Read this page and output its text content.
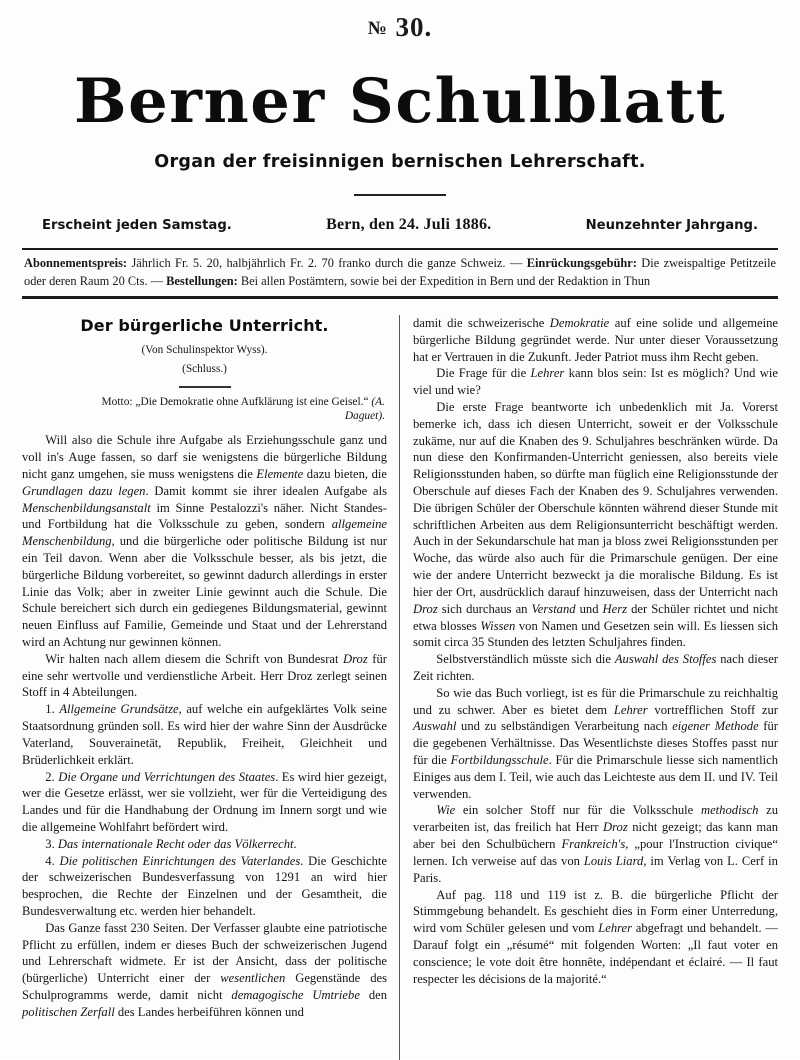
№ 30.
Berner Schulblatt
Organ der freisinnigen bernischen Lehrerschaft.
Erscheint jeden Samstag.	Bern, den 24. Juli 1886.	Neunzehnter Jahrgang.
Abonnementspreis: Jährlich Fr. 5. 20, halbjährlich Fr. 2. 70 franko durch die ganze Schweiz. — Einrückungsgebühr: Die zweispaltige Petitzeile oder deren Raum 20 Cts. — Bestellungen: Bei allen Postämtern, sowie bei der Expedition in Bern und der Redaktion in Thun
Der bürgerliche Unterricht.
(Von Schulinspektor Wyss).
(Schluss.)
Motto: „Die Demokratie ohne Aufklärung ist eine Geisel.“ (A. Daguet).

Will also die Schule ihre Aufgabe als Erziehungsschule ganz und voll in's Auge fassen, so darf sie wenigstens die bürgerliche Bildung nicht ganz umgehen, sie muss wenigstens die Elemente dazu bieten, die Grundlagen dazu legen. Damit kommt sie ihrer idealen Aufgabe als Menschenbildungsanstalt im Sinne Pestalozzi's näher. Nicht Standes- und Fortbildung hat die Volksschule zu geben, sondern allgemeine Menschenbildung, und die bürgerliche oder politische Bildung ist nur ein Teil davon. Wenn aber die Volksschule besser, als bis jetzt, die bürgerliche Bildung vorbereitet, so gewinnt dadurch allerdings in erster Linie das Volk; aber in zweiter Linie gewinnt auch die Schule. Die Schule bereichert sich durch ein gediegenes Bildungsmaterial, gewinnt neuen Einfluss auf Familie, Gemeinde und Staat und der Lehrerstand wird an Achtung nur gewinnen können.

Wir halten nach allem diesem die Schrift von Bundesrat Droz für eine sehr wertvolle und verdienstliche Arbeit. Herr Droz zerlegt seinen Stoff in 4 Abteilungen.

1. Allgemeine Grundsätze, auf welche ein aufgeklärtes Volk seine Staatsordnung gründen soll. Es wird hier der wahre Sinn der Ausdrücke Vaterland, Souverainetät, Republik, Freiheit, Gleichheit und Brüderlichkeit erklärt.

2. Die Organe und Verrichtungen des Staates. Es wird hier gezeigt, wer die Gesetze erlässt, wer sie vollzieht, wer für die Verteidigung des Landes und für die Handhabung der Ordnung im Innern sorgt und wie die allgemeine Wohlfahrt befördert wird.

3. Das internationale Recht oder das Völkerrecht.

4. Die politischen Einrichtungen des Vaterlandes. Die Geschichte der schweizerischen Bundesverfassung von 1291 an wird hier besprochen, die Rechte der Einzelnen und der Gesamtheit, die Bundesverwaltung etc. werden hier behandelt.

Das Ganze fasst 230 Seiten. Der Verfasser glaubte eine patriotische Pflicht zu erfüllen, indem er dieses Buch der schweizerischen Jugend und Lehrerschaft widmete. Er ist der Ansicht, dass der politische (bürgerliche) Unterricht einer der wesentlichen Gegenstände des Schulprogramms werde, damit nicht demagogische Umtriebe den politischen Zerfall des Landes herbeiführen können und

damit die schweizerische Demokratie auf eine solide und allgemeine bürgerliche Bildung gegründet werde. Nur unter dieser Voraussetzung hat er Vertrauen in die Zukunft. Jeder Patriot muss ihm Recht geben.

Die Frage für die Lehrer kann blos sein: Ist es möglich? Und wie viel und wie?

Die erste Frage beantworte ich unbedenklich mit Ja. Vorerst bemerke ich, dass ich diesen Unterricht, soweit er der Volksschule zukäme, nur auf die Knaben des 9. Schuljahres beschränken würde. Da nun diese den Konfirmanden-Unterricht geniessen, also bereits viele Religionsstunden haben, so dürfte man füglich eine Religionsstunde der Oberschule auf dieses Fach der Knaben des 9. Schuljahres verwenden. Die übrigen Schüler der Oberschule könnten während dieser Stunde mit schriftlichen Arbeiten aus dem Religionsunterricht beschäftigt werden. Auch in der Sekundarschule hat man ja bloss zwei Religionsstunden per Woche, das würde also auch für die Primarschule genügen. Der eine wie der andere Unterricht bezweckt ja die moralische Bildung. Es ist hier der Ort, ausdrücklich darauf hinzuweisen, dass der Unterricht nach Droz sich durchaus an Verstand und Herz der Schüler richtet und nicht etwa blosses Wissen von Namen und Gesetzen sein will. Es liessen sich somit circa 35 Stunden des letzten Schuljahres finden.

Selbstverständlich müsste sich die Auswahl des Stoffes nach dieser Zeit richten.

So wie das Buch vorliegt, ist es für die Primarschule zu reichhaltig und zu schwer. Aber es bietet dem Lehrer vortrefflichen Stoff zur Auswahl und zu selbständigen Verarbeitung nach eigener Methode für die gegebenen Verhältnisse. Das Wesentlichste dieses Stoffes passt nur für die Fortbildungsschule. Für die Primarschule liesse sich namentlich Einiges aus dem I. Teil, wie auch das Leichteste aus dem II. und IV. Teil verwenden.

Wie ein solcher Stoff nur für die Volksschule methodisch zu verarbeiten ist, das freilich hat Herr Droz nicht gezeigt; das kann man aber bei den Schulbüchern Frankreich's, „pour l'Instruction civique“ lernen. Ich verweise auf das von Louis Liard, im Verlag von L. Cerf in Paris.

Auf pag. 118 und 119 ist z. B. die bürgerliche Pflicht der Stimmgebung behandelt. Es geschieht dies in Form einer Unterredung, wird vom Schüler gelesen und vom Lehrer abgefragt und behandelt. — Darauf folgt ein „résumé“ mit folgenden Worten: „Il faut voter en conscience; le vote doit être honnête, indépendant et éclairé. — Il faut respecter les décisions de la majorité.“
